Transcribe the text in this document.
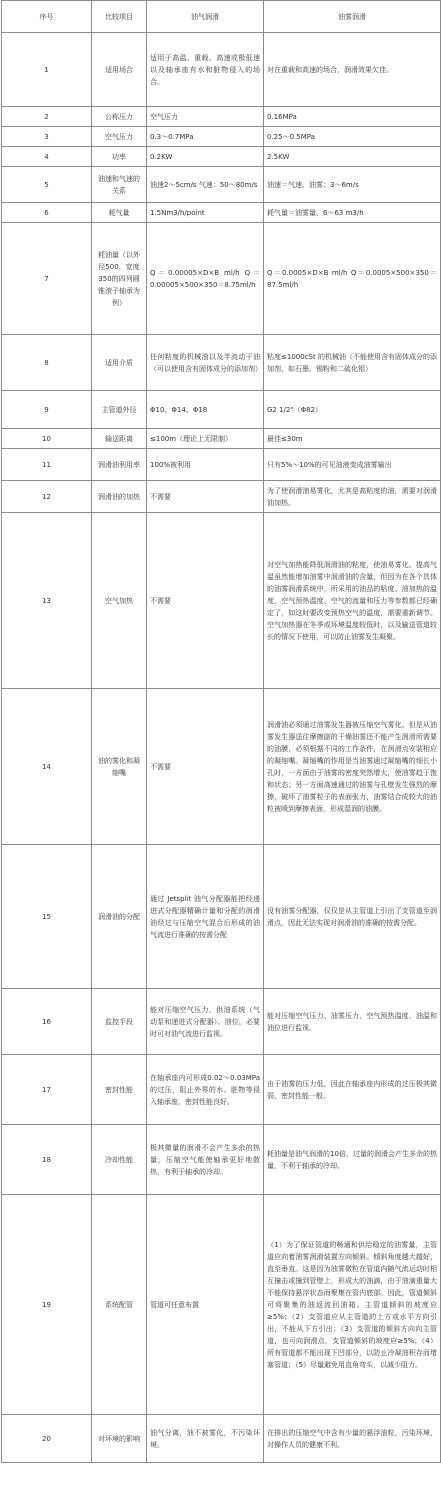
序号	比较项目	油气润滑	油雾润滑
1	适用场合	适用于高温、重载、高速或极低速以及轴承座有水和脏物侵入的场合。	对在重载和高速的场合，润滑效果欠佳。
2	公称压力	空气压力	0.16MPa
3	空气压力	0.3～0.7MPa	0.25～0.5MPa
4	功率	0.2KW	2.5KW
5	油速和气速的关系	油速2～5cm/s 气速：50～80m/s	油速＝气速，油雾：3～6m/s
6	耗气量	1.5Nm3/h/point	耗气量＝油雾量，6～63 m3/h
7	耗油量（以外径500，宽度350的四列圆锥滚子轴承为例）	Q＝0.00005×D×B ml/h Q＝0.00005×500×350＝8.75ml/h	Q＝0.0005×D×B ml/h Q＝0.0005×500×350＝87.5ml/h
8	适用介质	任何粘度的机械油以及半流动干油（可以使用含有固体成分的添加剂）	粘度≤1000cSt 的机械油（不能使用含有固体成分的添加剂，如石墨、锡粉和二硫化钼）
9	主管道外径	Φ10、Φ14、Φ18	G2 1/2"（Φ82）
10	输送距离	≤100m（理论上无限制）	最佳≤30m
11	润滑油利用率	100%被利用	只有5%～10%的可见油液变成油雾输出
12	润滑油的加热	不需要	为了使润滑油易雾化，尤其是高粘度的油，需要对润滑油加热。
13	空气加热	不需要	对空气加热能降低润滑油的粘度，使油易雾化。提高气温虽然能增加油雾中润滑油的含量，但因为在各个具体的油雾润滑系统中，所采用的油品的粘度、油加热的温度、空气预热温度、空气的流量和压力等参数都已经确定了，如这时要改变预热空气的温度，需要重新调节。空气加热器在冬季或环境温度较低时，以及输送管道较长的情况下使用，可以防止油雾发生凝聚。
14	油的雾化和凝缩嘴	不需要	润滑油必须通过油雾发生器被压缩空气雾化。但是从油雾发生器送往摩擦副的干燥油雾还不能产生润滑所需要的油膜，必须根据不同的工作条件，在润滑点安装相应的凝缩嘴。凝缩嘴的作用是当油雾通过凝缩嘴的细长小孔时，一方面由于油雾的密度突然增大，使油雾趋于饱和状态；另一方面高速通过的油雾与孔壁发生强烈的摩擦，破坏了油雾粒子的表面张力，油雾结合成较大的油粒被喷到摩擦表面，形成湿润的油膜。
15	润滑油的分配	通过 Jetsplit 油气分配器能把经递进式分配器精确计量和分配的润滑油经过与压缩空气混合后形成的油气流进行准确的按需分配	没有油雾分配器，仅仅是从主管道上引出了支管道至润滑点，因此无法实现对润滑油的准确的按需分配。
16	监控手段	能对压缩空气压力，供油系统（气动泵和递进式分配器）、油位，必要时可对油气流进行监视。	能对压缩空气压力、油雾压力、空气预热温度、油温和油位进行监视。
17	密封性能	在轴承座内可形成0.02～0.03MPa的过压，阻止外界的水、脏物等侵入轴承座，密封性能良好。	由于油雾的压力低，因此在轴承座内形成的过压极其微弱，密封性能一般。
18	冷却性能	极其微量的润滑不会产生多余的热量，压缩空气能使轴承更好地散热，有利于轴承的冷却。	耗油量是油气润滑的10倍，过量的润滑会产生多余的热量，不利于轴承的冷却。
19	系统配管	管道可任意布置	（1）为了保证管道的畅通和供给稳定的油雾量，主管道应向着油雾润滑装置方向倾斜。倾斜角度越大越好，直至垂直。这是因为油雾微粒在管道内随气流运动时相互撞击或撞到管壁上，形成大的油滴，由于油滴重量大不能保持悬浮状态而聚集在管内底部。因此，管道倾斜可将聚集的油返流回油箱。主管道倾斜的坡度应≥5%；（2）支管道应从主管道的上方或水平方向引出，不能从下方引出；（3）支管道的倾斜方向向主管道，也可向润滑点，支管道倾斜的坡度应≥5%；（4）所有管道都不能出现下凹部分，以防止冷凝油积存而堵塞管道；（5）尽量避免用直角弯头，以减少阻力。
20	对环境的影响	油气分离，油不被雾化，不污染环境。	在排出的压缩空气中含有少量的悬浮油粒，污染环境，对操作人员的健康不利。
